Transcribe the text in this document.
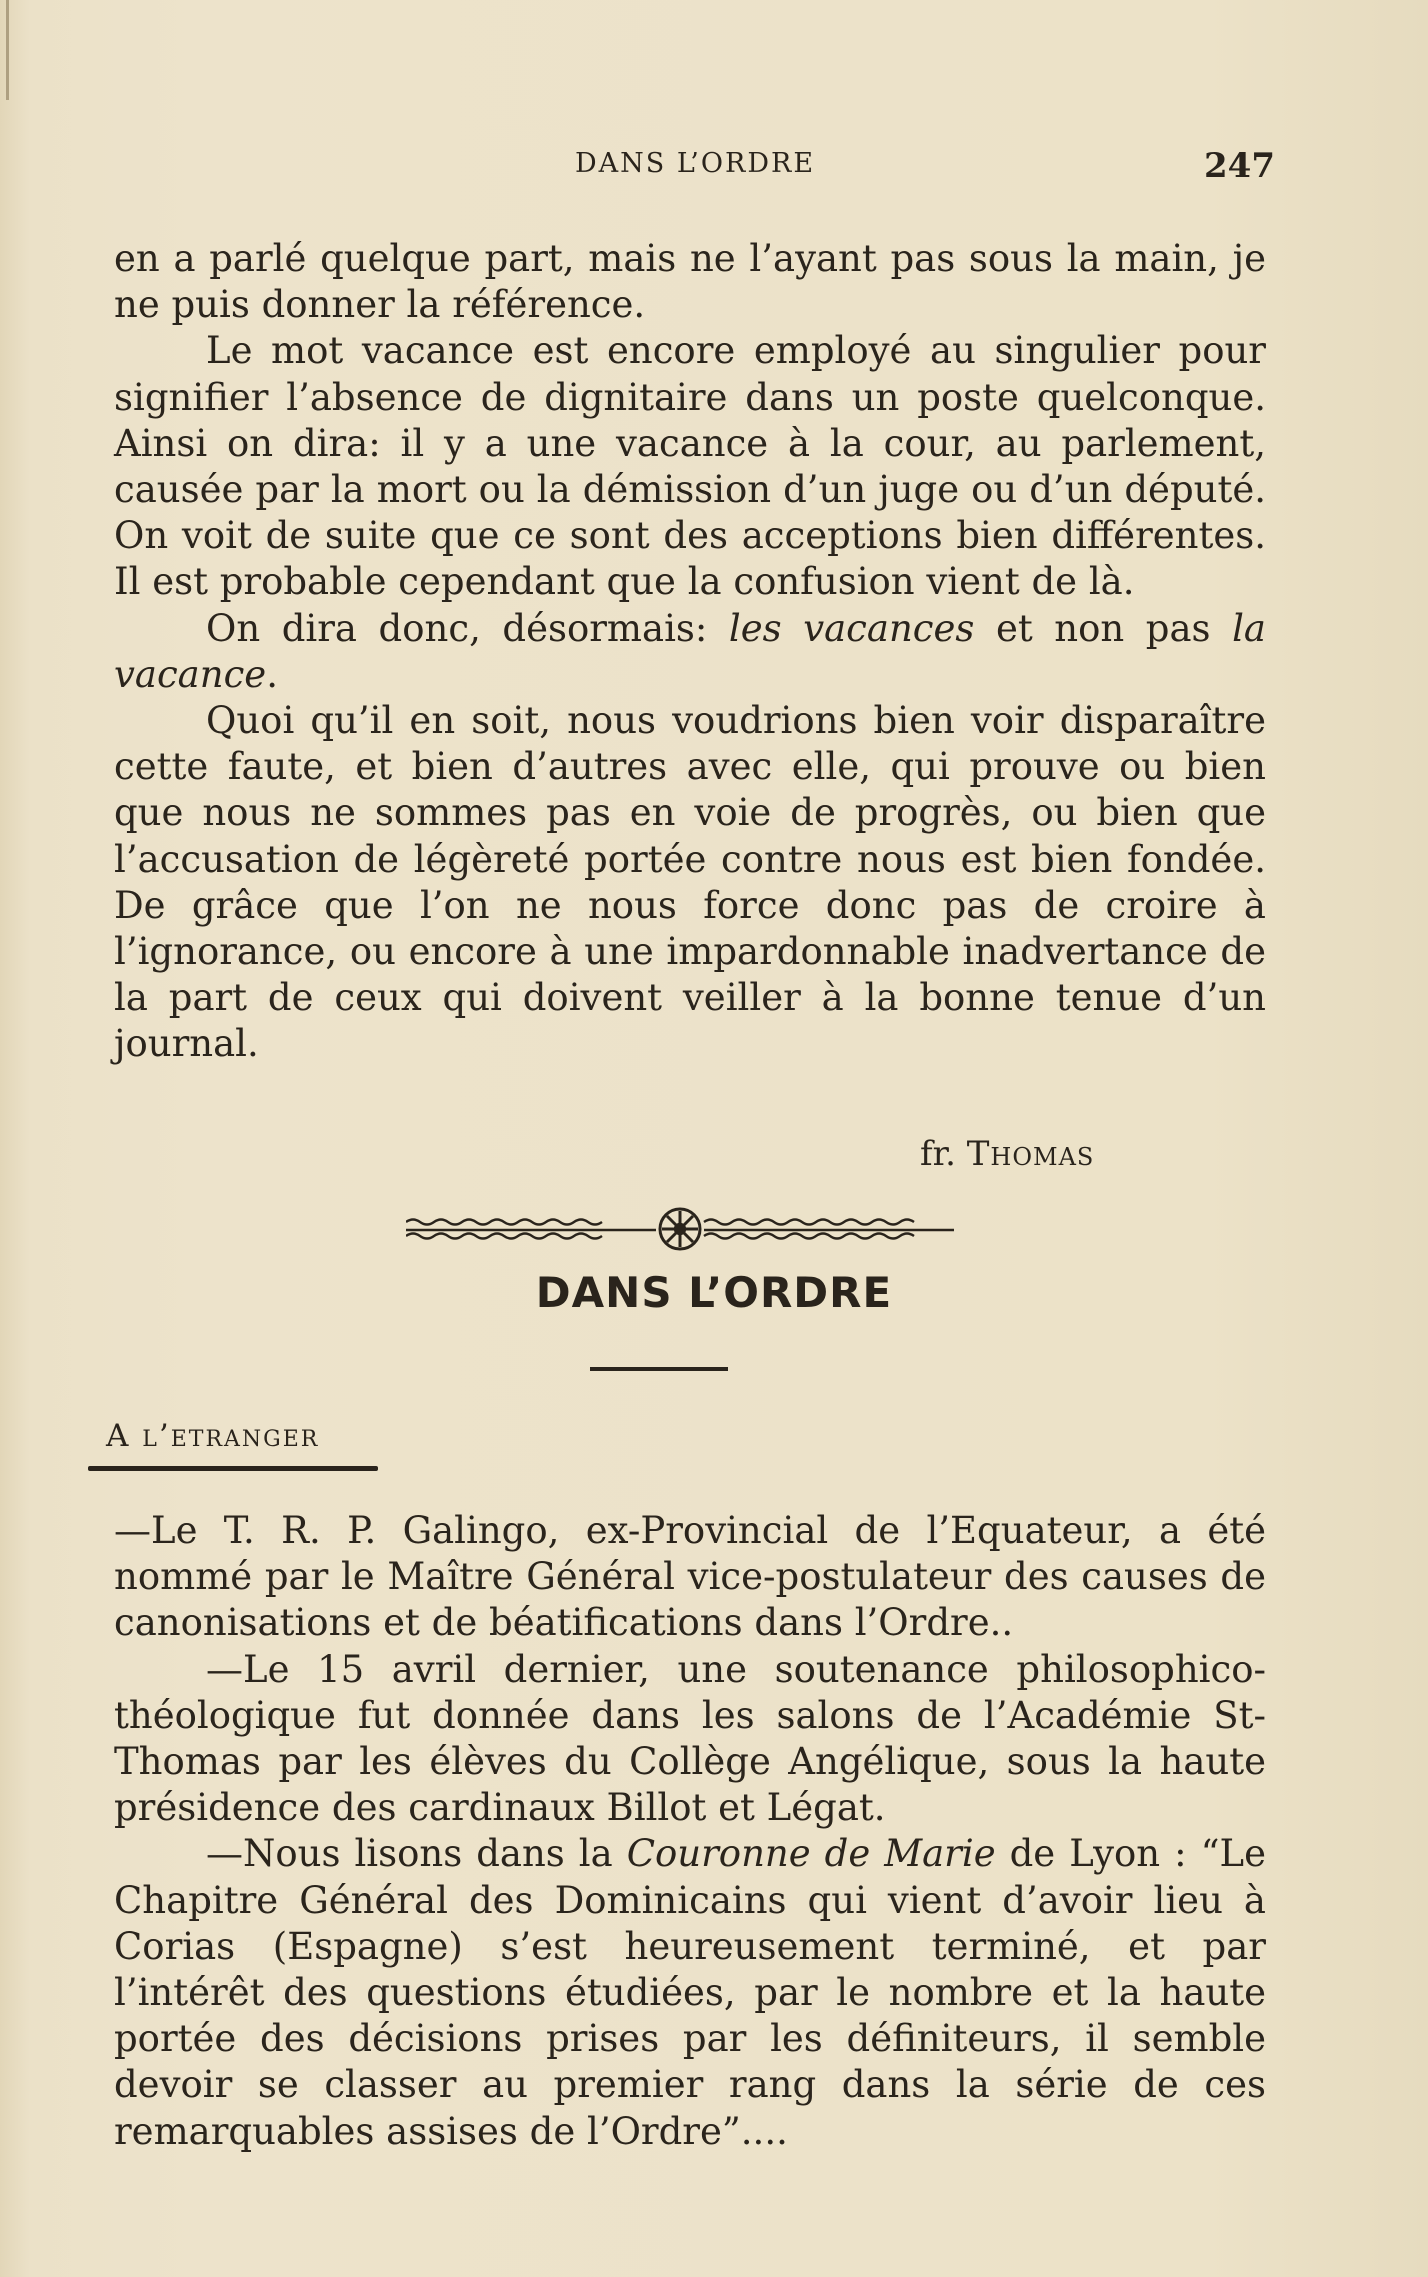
DANS L’ORDRE	247

en a parlé quelque part, mais ne l’ayant pas sous la main, je ne puis donner la référence.

Le mot vacance est encore employé au singulier pour signifier l’absence de dignitaire dans un poste quelconque. Ainsi on dira: il y a une vacance à la cour, au parlement, causée par la mort ou la démission d’un juge ou d’un député. On voit de suite que ce sont des acceptions bien différentes. Il est probable cependant que la confusion vient de là.

On dira donc, désormais: les vacances et non pas la vacance.

Quoi qu’il en soit, nous voudrions bien voir disparaître cette faute, et bien d’autres avec elle, qui prouve ou bien que nous ne sommes pas en voie de progrès, ou bien que l’accusation de légèreté portée contre nous est bien fondée. De grâce que l’on ne nous force donc pas de croire à l’ignorance, ou encore à une impardonnable inadvertance de la part de ceux qui doivent veiller à la bonne tenue d’un journal.

fr. Thomas
DANS L’ORDRE
A l’etranger

—Le T. R. P. Galingo, ex-Provincial de l’Equateur, a été nommé par le Maître Général vice-postulateur des causes de canonisations et de béatifications dans l’Ordre..

—Le 15 avril dernier, une soutenance philosophico-théologique fut donnée dans les salons de l’Académie St-Thomas par les élèves du Collège Angélique, sous la haute présidence des cardinaux Billot et Légat.

—Nous lisons dans la Couronne de Marie de Lyon : “Le Chapitre Général des Dominicains qui vient d’avoir lieu à Corias (Espagne) s’est heureusement terminé, et par l’intérêt des questions étudiées, par le nombre et la haute portée des décisions prises par les définiteurs, il semble devoir se classer au premier rang dans la série de ces remarquables assises de l’Ordre”....
